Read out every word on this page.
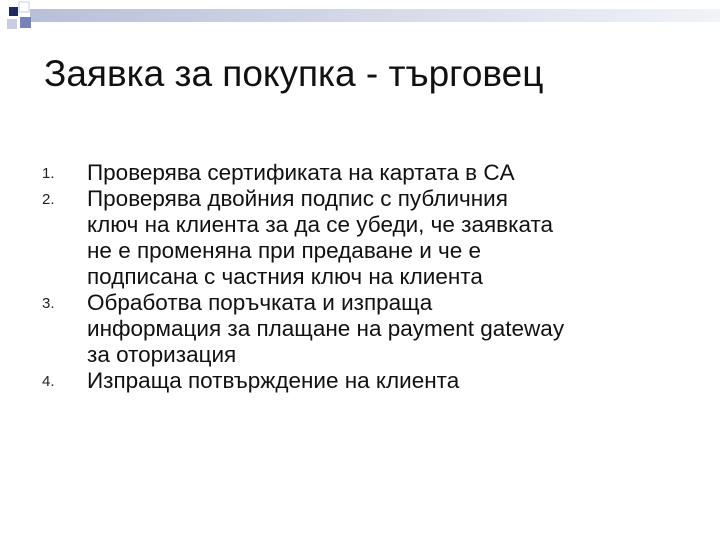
Заявка за покупка - търговец
1. Проверява сертификата на картата в CA
2. Проверява двойния подпис с публичния
ключ на клиента за да се убеди, че заявката
не е променяна при предаване и че е
подписана с частния ключ на клиента
3. Обработва поръчката и изпраща
информация за плащане на payment gateway
за оторизация
4. Изпраща потвърждение на клиента
